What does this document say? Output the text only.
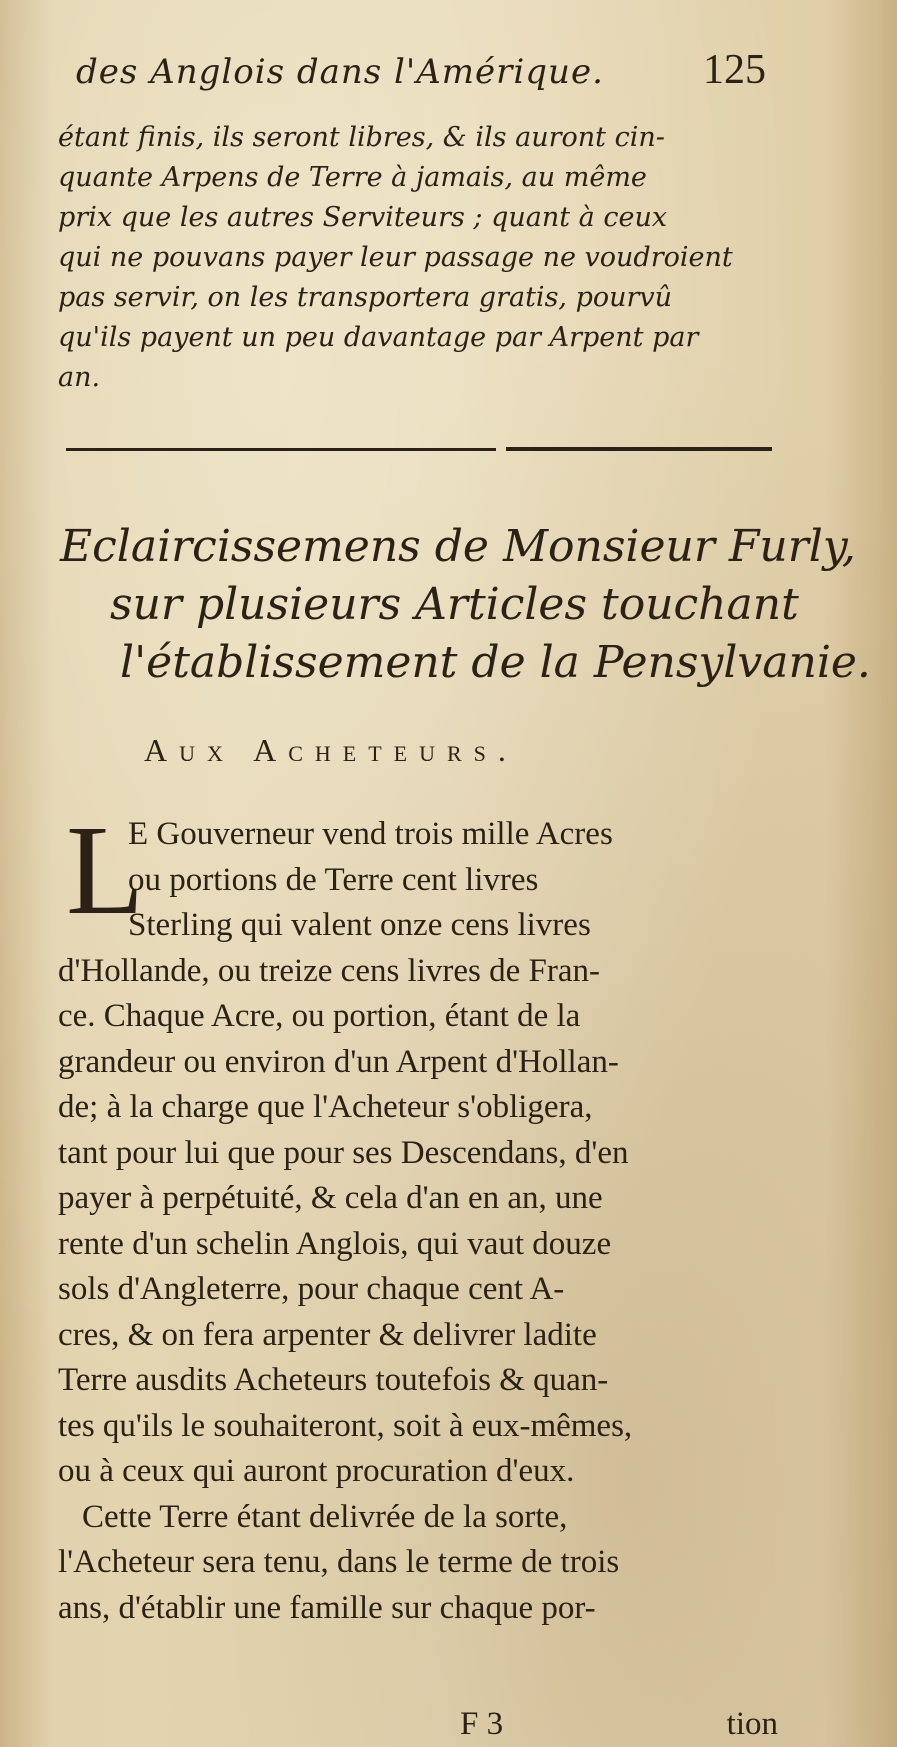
des Anglois dans l'Amérique. 125
étant finis, ils seront libres, & ils auront cin-
quante Arpens de Terre à jamais, au même
prix que les autres Serviteurs ; quant à ceux
qui ne pouvans payer leur passage ne voudroient
pas servir, on les transportera gratis, pourvû
qu'ils payent un peu davantage par Arpent par
an.
Eclaircissemens de Monsieur Furly,
sur plusieurs Articles touchant
l'établissement de la Pensylvanie.
Aux Acheteurs.
L
E Gouverneur vend trois mille Acres
ou portions de Terre cent livres
Sterling qui valent onze cens livres
d'Hollande, ou treize cens livres de Fran-
ce. Chaque Acre, ou portion, étant de la
grandeur ou environ d'un Arpent d'Hollan-
de; à la charge que l'Acheteur s'obligera,
tant pour lui que pour ses Descendans, d'en
payer à perpétuité, & cela d'an en an, une
rente d'un schelin Anglois, qui vaut douze
sols d'Angleterre, pour chaque cent A-
cres, & on fera arpenter & delivrer ladite
Terre ausdits Acheteurs toutefois & quan-
tes qu'ils le souhaiteront, soit à eux-mêmes,
ou à ceux qui auront procuration d'eux.
Cette Terre étant delivrée de la sorte,
l'Acheteur sera tenu, dans le terme de trois
ans, d'établir une famille sur chaque por-
F 3	tion
